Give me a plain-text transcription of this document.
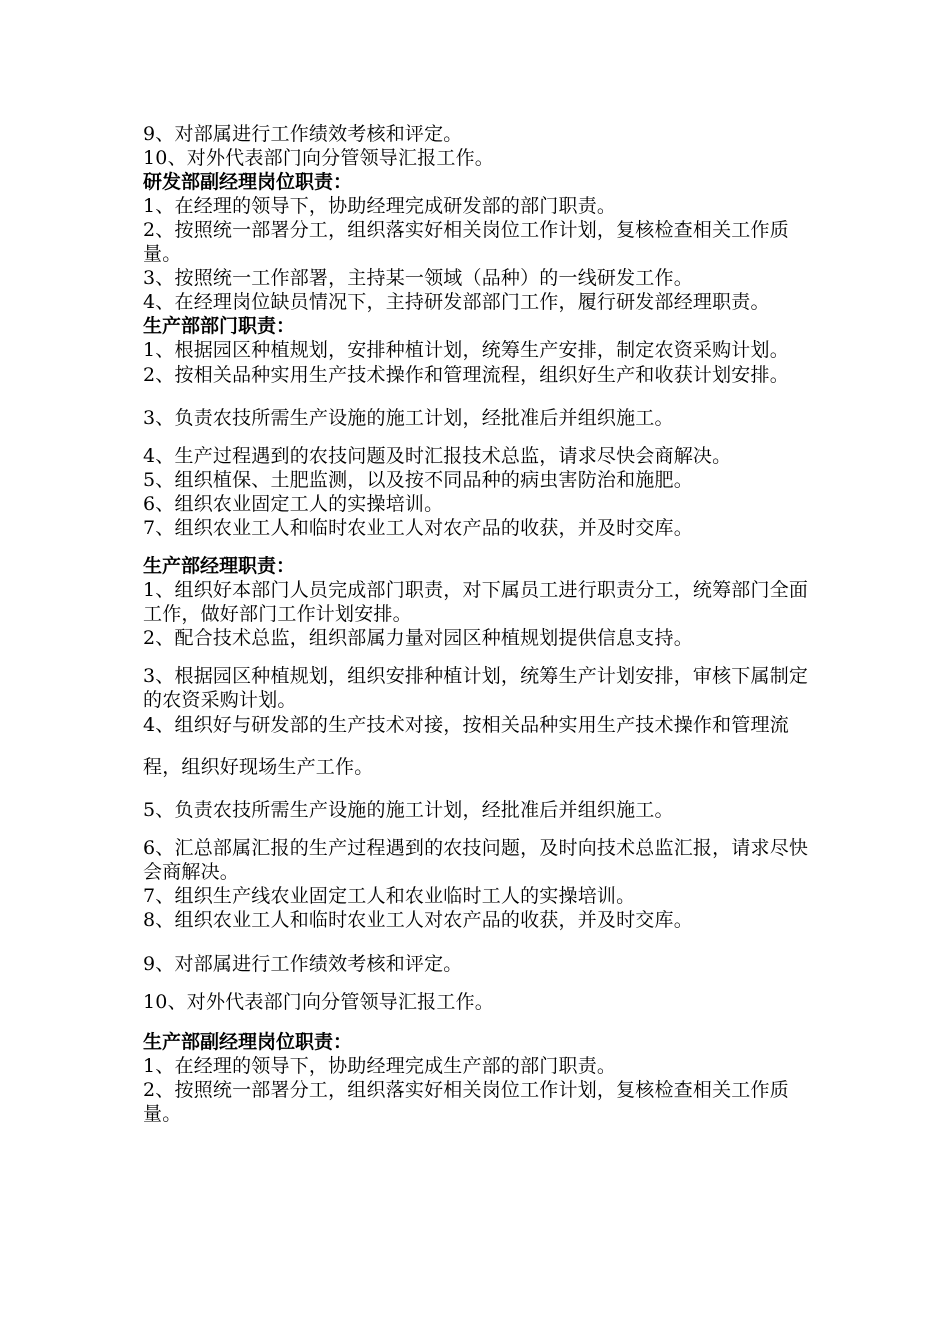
9、对部属进行工作绩效考核和评定。
10、对外代表部门向分管领导汇报工作。
研发部副经理岗位职责：
1、在经理的领导下，协助经理完成研发部的部门职责。
2、按照统一部署分工，组织落实好相关岗位工作计划，复核检查相关工作质量。
3、按照统一工作部署，主持某一领域（品种）的一线研发工作。
4、在经理岗位缺员情况下，主持研发部部门工作，履行研发部经理职责。
生产部部门职责：
1、根据园区种植规划，安排种植计划，统筹生产安排，制定农资采购计划。
2、按相关品种实用生产技术操作和管理流程，组织好生产和收获计划安排。
3、负责农技所需生产设施的施工计划，经批准后并组织施工。
4、生产过程遇到的农技问题及时汇报技术总监，请求尽快会商解决。
5、组织植保、土肥监测，以及按不同品种的病虫害防治和施肥。
6、组织农业固定工人的实操培训。
7、组织农业工人和临时农业工人对农产品的收获，并及时交库。
生产部经理职责：
1、组织好本部门人员完成部门职责，对下属员工进行职责分工，统筹部门全面工作，做好部门工作计划安排。
2、配合技术总监，组织部属力量对园区种植规划提供信息支持。
3、根据园区种植规划，组织安排种植计划，统筹生产计划安排，审核下属制定的农资采购计划。
4、组织好与研发部的生产技术对接，按相关品种实用生产技术操作和管理流程，组织好现场生产工作。
5、负责农技所需生产设施的施工计划，经批准后并组织施工。
6、汇总部属汇报的生产过程遇到的农技问题，及时向技术总监汇报，请求尽快会商解决。
7、组织生产线农业固定工人和农业临时工人的实操培训。
8、组织农业工人和临时农业工人对农产品的收获，并及时交库。
9、对部属进行工作绩效考核和评定。
10、对外代表部门向分管领导汇报工作。
生产部副经理岗位职责：
1、在经理的领导下，协助经理完成生产部的部门职责。
2、按照统一部署分工，组织落实好相关岗位工作计划，复核检查相关工作质量。
